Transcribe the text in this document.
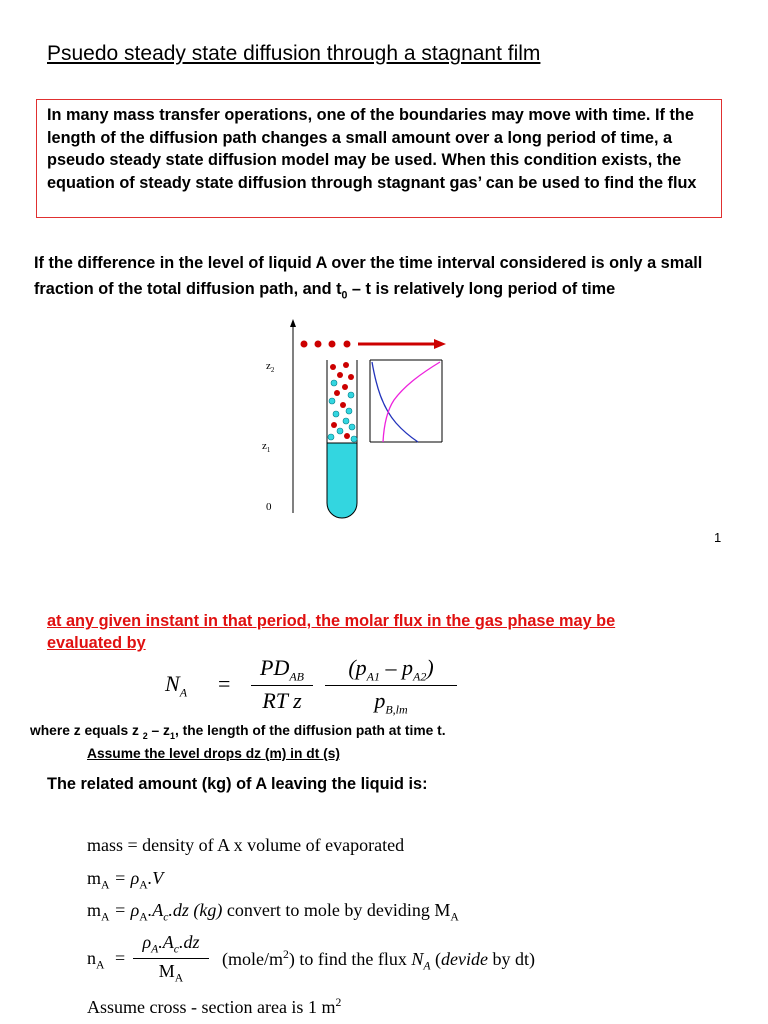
Psuedo steady state diffusion through a stagnant film
In many mass transfer operations, one of the boundaries may move with time. If the length of the diffusion path changes a small amount over a long period of time, a pseudo steady state diffusion model may be used. When this condition exists, the equation of steady state diffusion through stagnant gas’ can be used to find the flux
If the difference in the level of liquid A over the time interval considered is only a small fraction of the total diffusion path, and $t_0$ – t is relatively long period of time
$z_2$
$z_1$
0
1
at any given instant in that period, the molar flux in the gas phase may be evaluated by
$N_A$ =
$PD_{AB}$
RT z
$(p_{A1} - p_{A2})$
$p_{B,lm}$
where z equals z $_2 - z_1$, the length of the diffusion path at time t.
Assume the level drops dz (m) in dt (s)
The related amount (kg) of A leaving the liquid is:
mass = density of A x volume of evaporated
$m_A = \rho_A.V$
$m_A = \rho_A.A_c.dz$ (kg) convert to mole by deviding $M_A$
$n_A$ =
$\rho_A.A_c.dz$
$M_A$
$(mole/m^2)$ to find the flux $N_A$ (devide by dt)
Assume cross - section area is 1 $m^2$
